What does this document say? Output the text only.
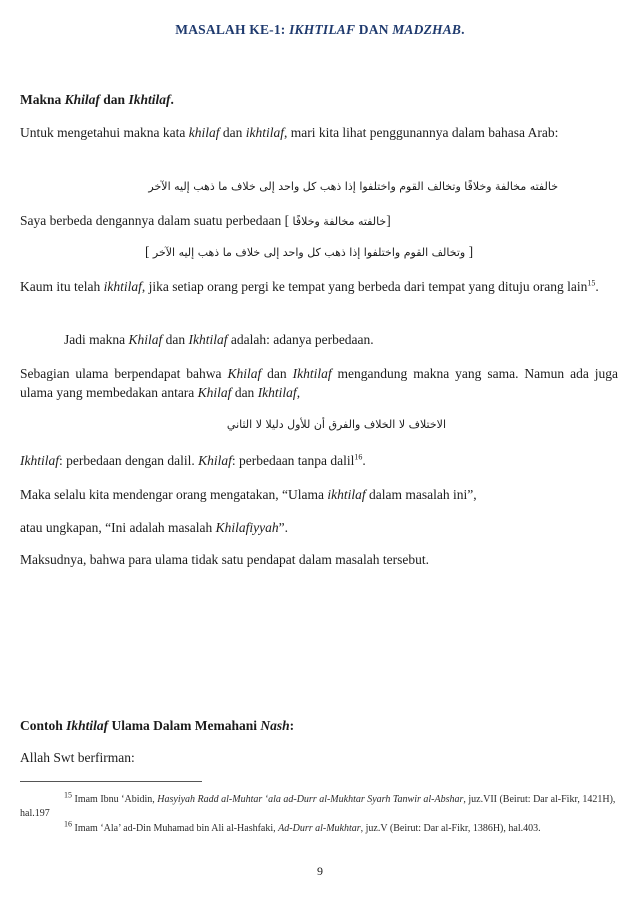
MASALAH KE-1: IKHTILAF DAN MADZHAB.
Makna Khilaf dan Ikhtilaf.
Untuk mengetahui makna kata khilaf dan ikhtilaf, mari kita lihat penggunannya dalam bahasa Arab:
خالفته مخالفة وخلافًا وتخالف القوم واختلفوا إذا ذهب كل واحد إلى خلاف ما ذهب إليه الآخر
Saya berbeda dengannya dalam suatu perbedaan [ خالفته مخالفة وخلافًا]
[ وتخالف القوم واختلفوا إذا ذهب كل واحد إلى خلاف ما ذهب إليه الآخر ]
Kaum itu telah ikhtilaf, jika setiap orang pergi ke tempat yang berbeda dari tempat yang dituju orang lain$^{15}$.
Jadi makna Khilaf dan Ikhtilaf adalah: adanya perbedaan.
Sebagian ulama berpendapat bahwa Khilaf dan Ikhtilaf mengandung makna yang sama. Namun ada juga ulama yang membedakan antara Khilaf dan Ikhtilaf,
الاختلاف لا الخلاف والفرق أن للأول دليلا لا الثاني
Ikhtilaf: perbedaan dengan dalil. Khilaf: perbedaan tanpa dalil$^{16}$.
Maka selalu kita mendengar orang mengatakan, “Ulama ikhtilaf dalam masalah ini”,
atau ungkapan, “Ini adalah masalah Khilafiyyah”.
Maksudnya, bahwa para ulama tidak satu pendapat dalam masalah tersebut.
Contoh Ikhtilaf Ulama Dalam Memahani Nash:
Allah Swt berfirman:
$^{15}$ Imam Ibnu ‘Abidin, Hasyiyah Radd al-Muhtar ‘ala ad-Durr al-Mukhtar Syarh Tanwir al-Abshar, juz.VII (Beirut: Dar al-Fikr, 1421H), hal.197
$^{16}$ Imam ‘Ala’ ad-Din Muhamad bin Ali al-Hashfaki, Ad-Durr al-Mukhtar, juz.V (Beirut: Dar al-Fikr, 1386H), hal.403.
9
